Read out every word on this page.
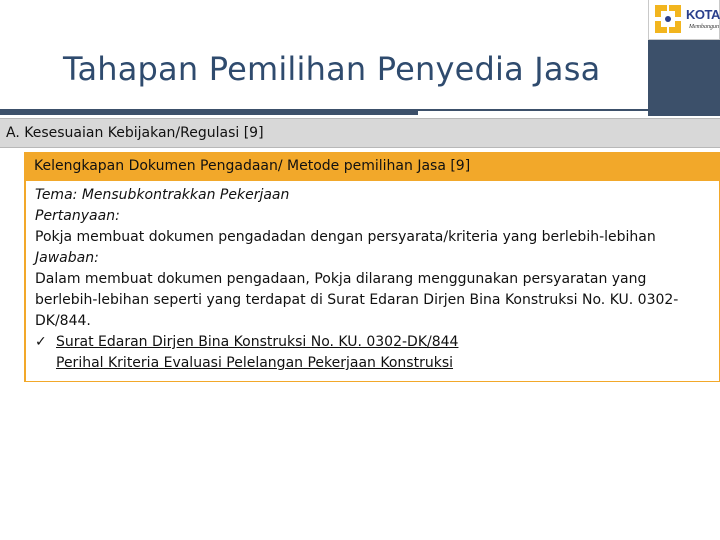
Tahapan Pemilihan Penyedia Jasa
KOTA
Membangun
A. Kesesuaian Kebijakan/Regulasi [9]
Kelengkapan Dokumen Pengadaan/ Metode pemilihan Jasa [9]
Tema: Mensubkontrakkan Pekerjaan
Pertanyaan:
Pokja membuat dokumen pengadadan dengan persyarata/kriteria yang berlebih-lebihan
Jawaban:
Dalam membuat dokumen pengadaan, Pokja dilarang menggunakan persyaratan yang berlebih-lebihan seperti yang terdapat di Surat Edaran Dirjen Bina Konstruksi No. KU. 0302-DK/844.
✓ Surat Edaran Dirjen Bina Konstruksi No. KU. 0302-DK/844
Perihal Kriteria Evaluasi Pelelangan Pekerjaan Konstruksi
